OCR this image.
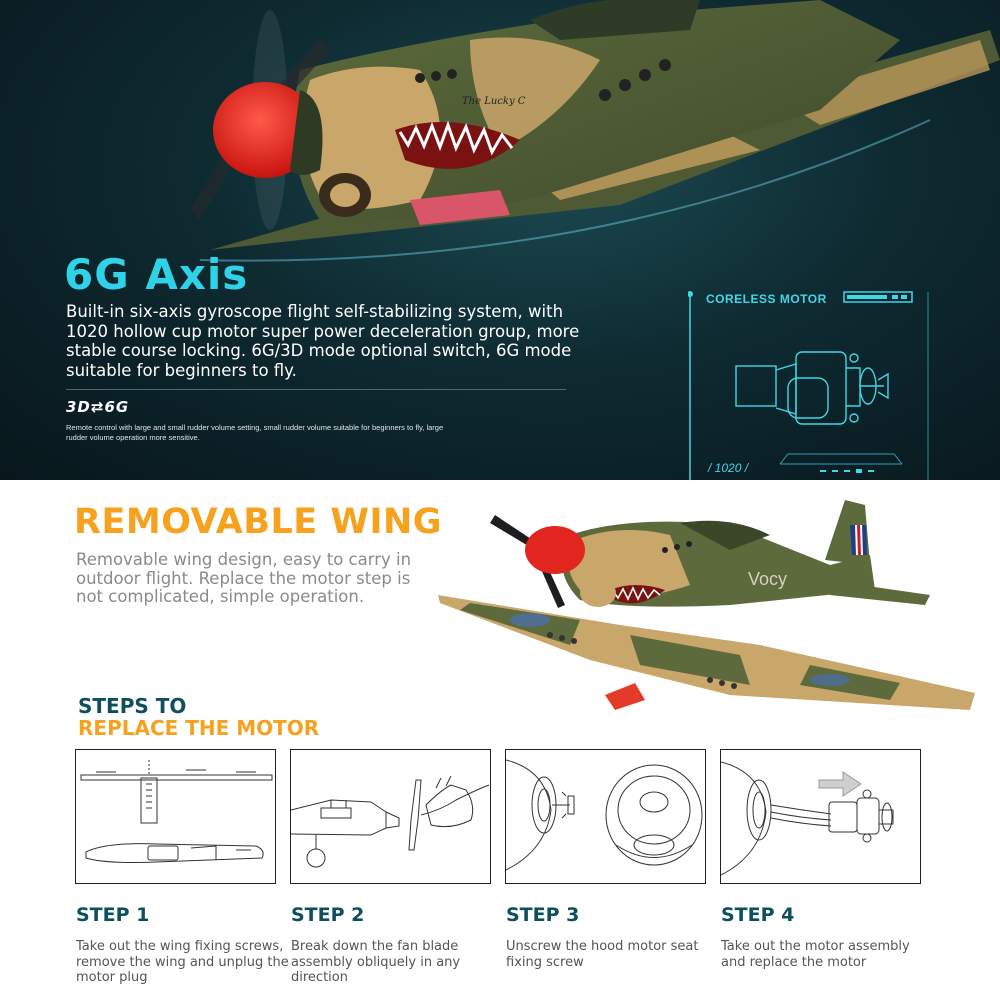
The Lucky C
6G Axis
Built-in six-axis gyroscope flight self-stabilizing system, with 1020 hollow cup motor super power deceleration group, more stable course locking. 6G/3D mode optional switch, 6G mode suitable for beginners to fly.
3D⇄6G
Remote control with large and small rudder volume setting, small rudder volume suitable for beginners to fly, large rudder volume operation more sensitive.
CORELESS MOTOR
/ 1020 /
REMOVABLE WING
Removable wing design, easy to carry in outdoor flight. Replace the motor step is not complicated, simple operation.
Vocy
STEPS TO
REPLACE THE MOTOR
STEP 1
Take out the wing fixing screws, remove the wing and unplug the motor plug
STEP 2
Break down the fan blade assembly obliquely in any direction
STEP 3
Unscrew the hood motor seat fixing screw
STEP 4
Take out the motor assembly and replace the motor
